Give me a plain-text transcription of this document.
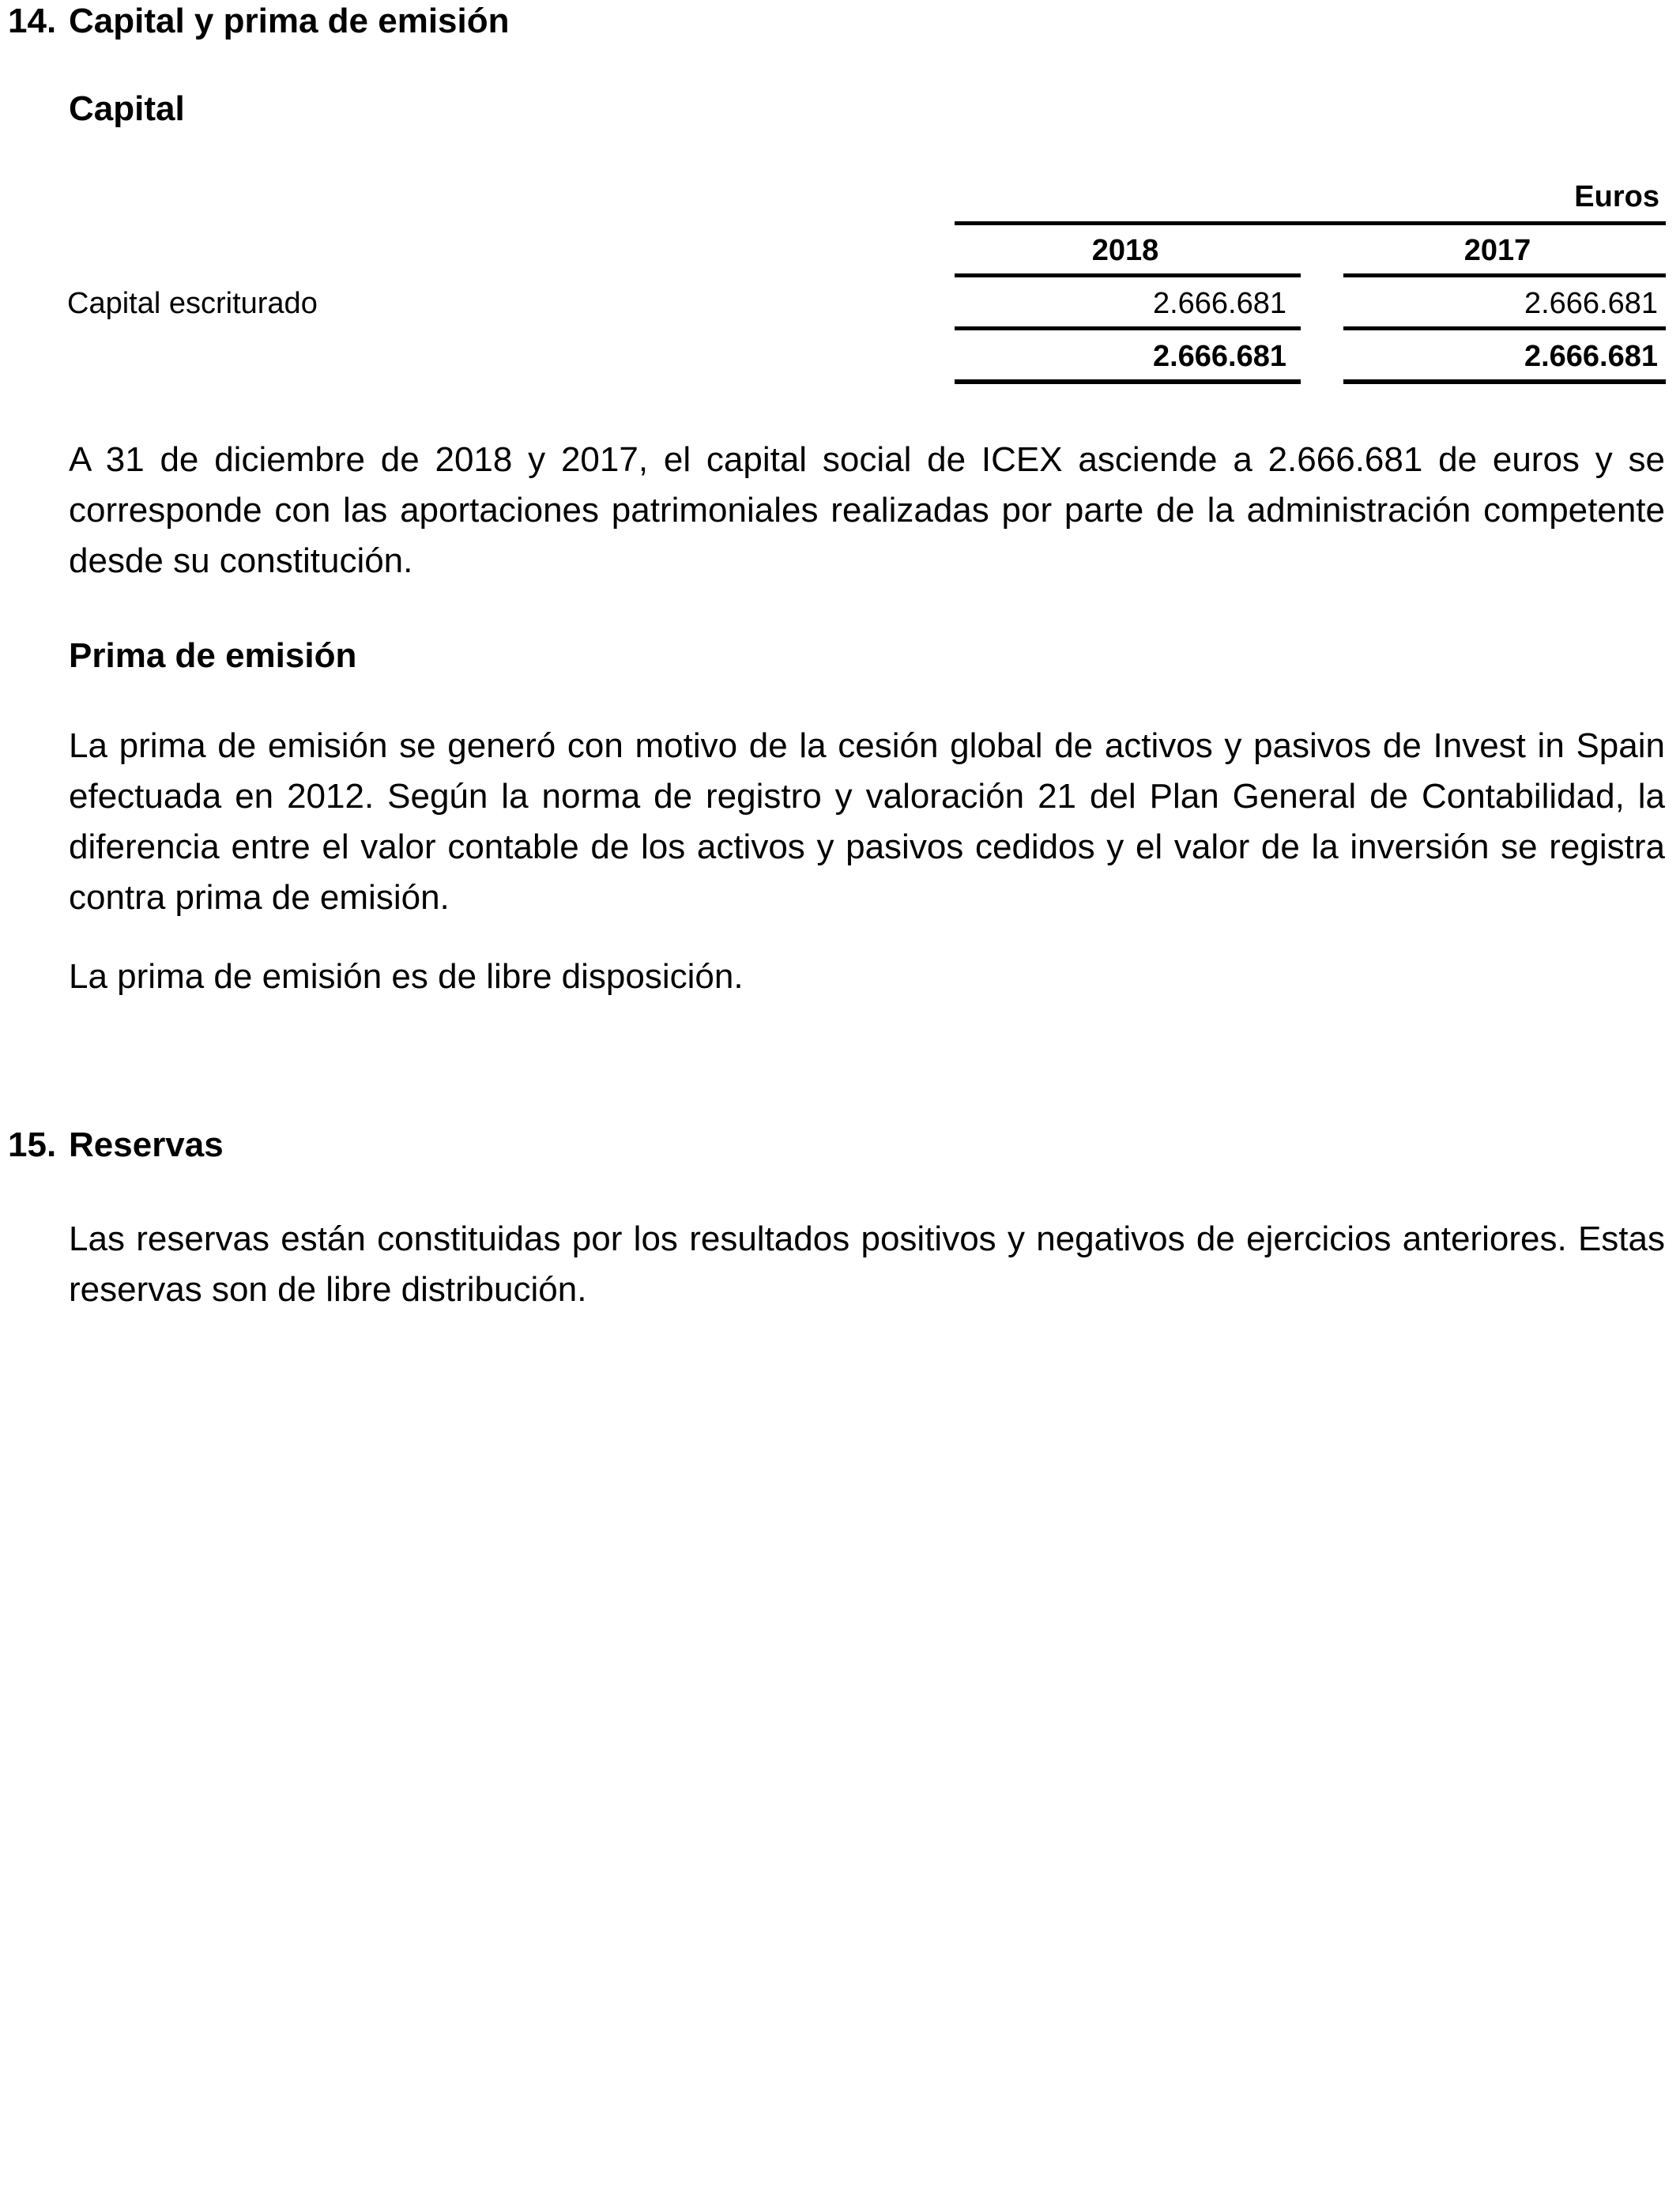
14. Capital y prima de emisión
Capital
Euros
2018	2017
Capital escriturado	2.666.681	2.666.681
2.666.681	2.666.681
A 31 de diciembre de 2018 y 2017, el capital social de ICEX asciende a 2.666.681 de euros y se corresponde con las aportaciones patrimoniales realizadas por parte de la administración competente desde su constitución.
Prima de emisión
La prima de emisión se generó con motivo de la cesión global de activos y pasivos de Invest in Spain efectuada en 2012. Según la norma de registro y valoración 21 del Plan General de Contabilidad, la diferencia entre el valor contable de los activos y pasivos cedidos y el valor de la inversión se registra contra prima de emisión.
La prima de emisión es de libre disposición.
15. Reservas
Las reservas están constituidas por los resultados positivos y negativos de ejercicios anteriores. Estas reservas son de libre distribución.
